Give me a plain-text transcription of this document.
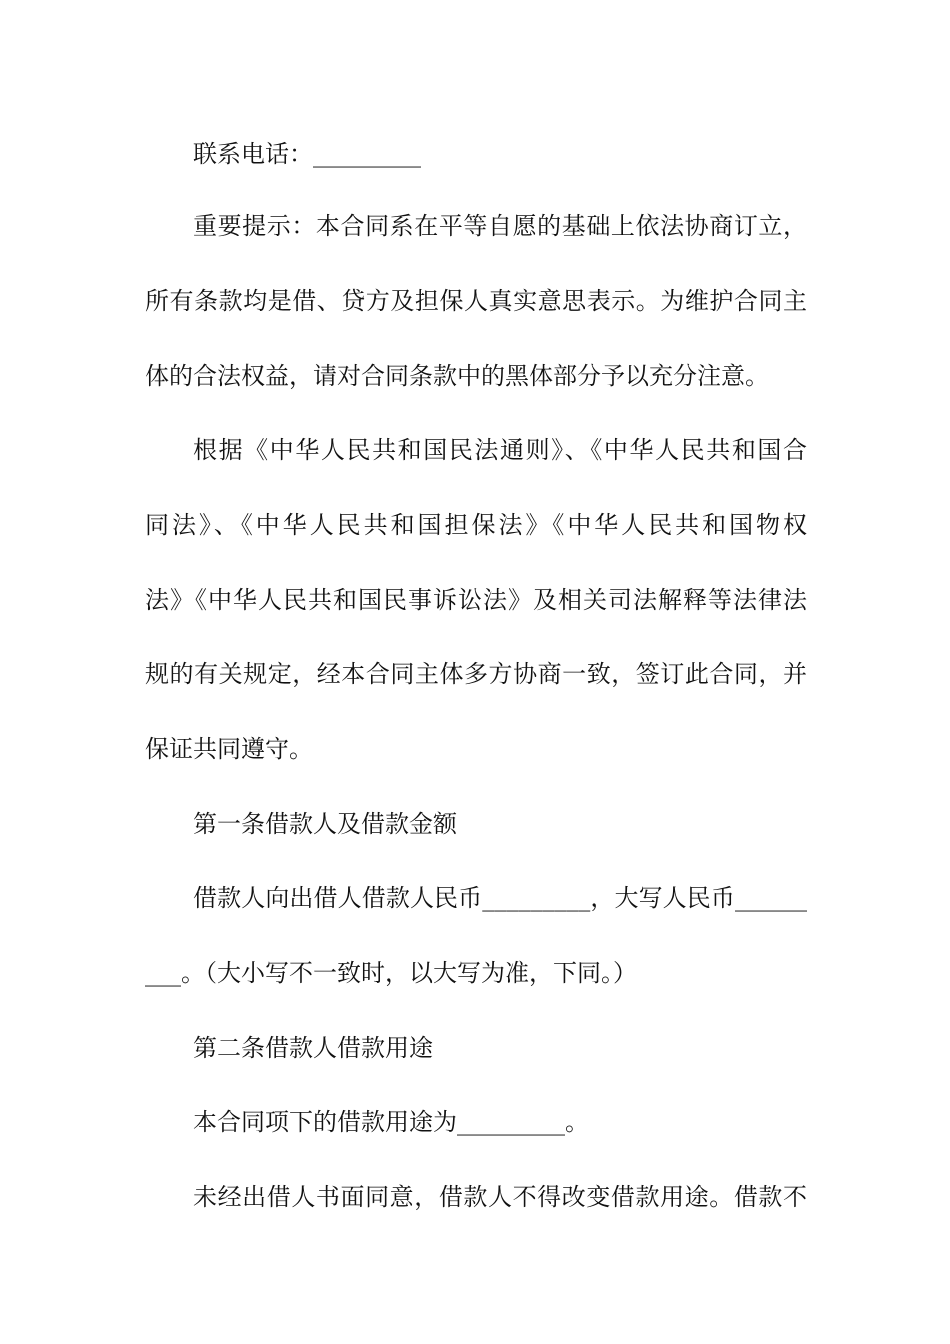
联系电话：_________
重要提示：本合同系在平等自愿的基础上依法协商订立，
所有条款均是借、贷方及担保人真实意思表示。为维护合同主
体的合法权益，请对合同条款中的黑体部分予以充分注意。
根据《中华人民共和国民法通则》、《中华人民共和国合
同法》、《中华人民共和国担保法》《中华人民共和国物权
法》《中华人民共和国民事诉讼法》及相关司法解释等法律法
规的有关规定，经本合同主体多方协商一致，签订此合同，并
保证共同遵守。
第一条借款人及借款金额
借款人向出借人借款人民币_________，大写人民币______
___。（大小写不一致时，以大写为准，下同。）
第二条借款人借款用途
本合同项下的借款用途为_________。
未经出借人书面同意，借款人不得改变借款用途。借款不
